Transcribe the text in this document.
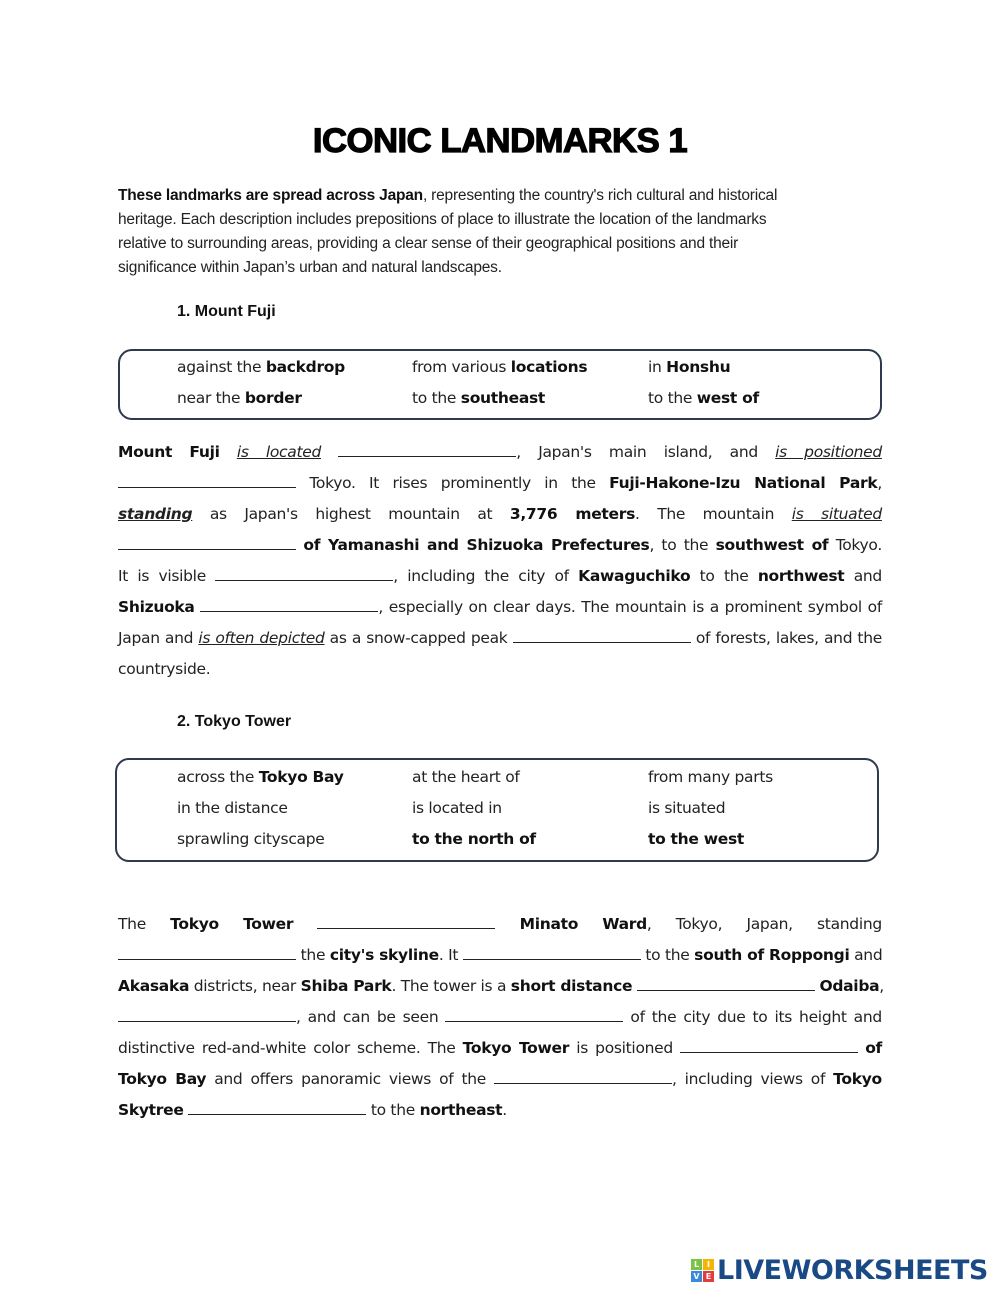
ICONIC LANDMARKS 1
These landmarks are spread across Japan, representing the country's rich cultural and historical
heritage. Each description includes prepositions of place to illustrate the location of the landmarks
relative to surrounding areas, providing a clear sense of their geographical positions and their
significance within Japan’s urban and natural landscapes.
1. Mount Fuji
against the backdrop	from various locations	in Honshu
near the border	to the southeast	to the west of
Mount Fuji is located	, Japan's main island, and is positioned
Tokyo. It rises prominently in the Fuji-Hakone-Izu National Park,
standing as Japan's highest mountain at 3,776 meters. The mountain is situated
of Yamanashi and Shizuoka Prefectures, to the southwest of Tokyo.
It is visible	, including the city of Kawaguchiko to the northwest and
Shizuoka	, especially on clear days. The mountain is a prominent symbol of
Japan and is often depicted as a snow-capped peak	of forests, lakes, and the
countryside.
2. Tokyo Tower
across the Tokyo Bay	at the heart of	from many parts
in the distance	is located in	is situated
sprawling cityscape	to the north of	to the west
The Tokyo Tower	Minato Ward, Tokyo, Japan, standing
the city's skyline. It	to the south of Roppongi and
Akasaka districts, near Shiba Park. The tower is a short distance	Odaiba,
, and can be seen	of the city due to its height and
distinctive red-and-white color scheme. The Tokyo Tower is positioned	of
Tokyo Bay and offers panoramic views of the	, including views of Tokyo
Skytree	to the northeast.
L I
V E LIVEWORKSHEETS
